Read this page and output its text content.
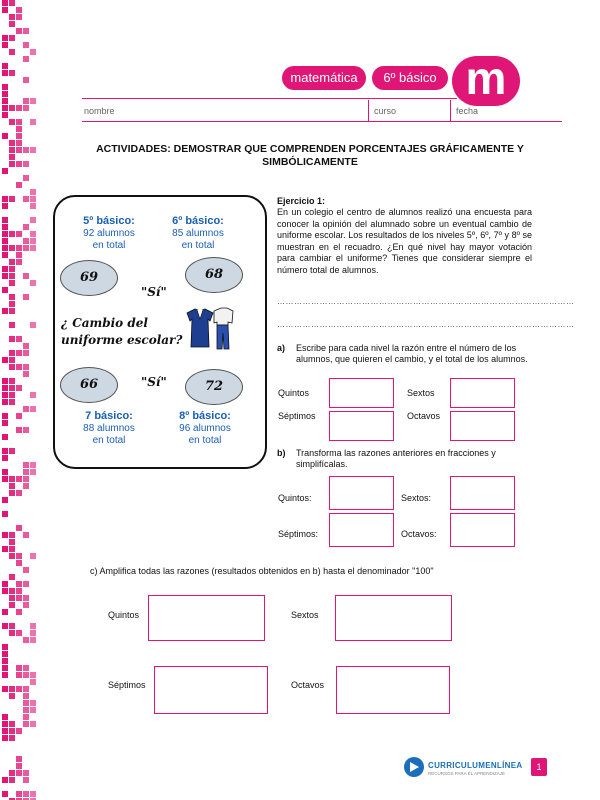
matemática	6º básico m
nombre	curso	fecha
ACTIVIDADES: DEMOSTRAR QUE COMPRENDEN PORCENTAJES GRÁFICAMENTE Y SIMBÓLICAMENTE
5º básico:
92 alumnos
en total
6º básico:
85 alumnos
en total
69
"Sí"
68
¿ Cambio del
uniforme escolar?
66	"Sí"	72
7 básico:
88 alumnos
en total
8º básico:
96 alumnos
en total
Ejercicio 1:
En un colegio el centro de alumnos realizó una encuesta para conocer la opinión del alumnado sobre un eventual cambio de uniforme escolar. Los resultados de los niveles 5º, 6º, 7º y 8º se muestran en el recuadro. ¿En qué nivel hay mayor votación para cambiar el uniforme? Tienes que considerar siempre el número total de alumnos.
……………………………………………………………………………………………
……………………………………………………………………………………………
a) Escribe para cada nivel la razón entre el número de los alumnos, que quieren el cambio, y el total de los alumnos.
Quintos	Sextos
Séptimos	Octavos
b) Transforma las razones anteriores en fracciones y simplifícalas.
Quintos:	Sextos:
Séptimos:	Octavos:
c) Amplifica todas las razones (resultados obtenidos en b) hasta el denominador "100"
Quintos	Sextos
Séptimos	Octavos
CURRICULUMENLÍNEA
RECURSOS PARA EL APRENDIZAJE
1
